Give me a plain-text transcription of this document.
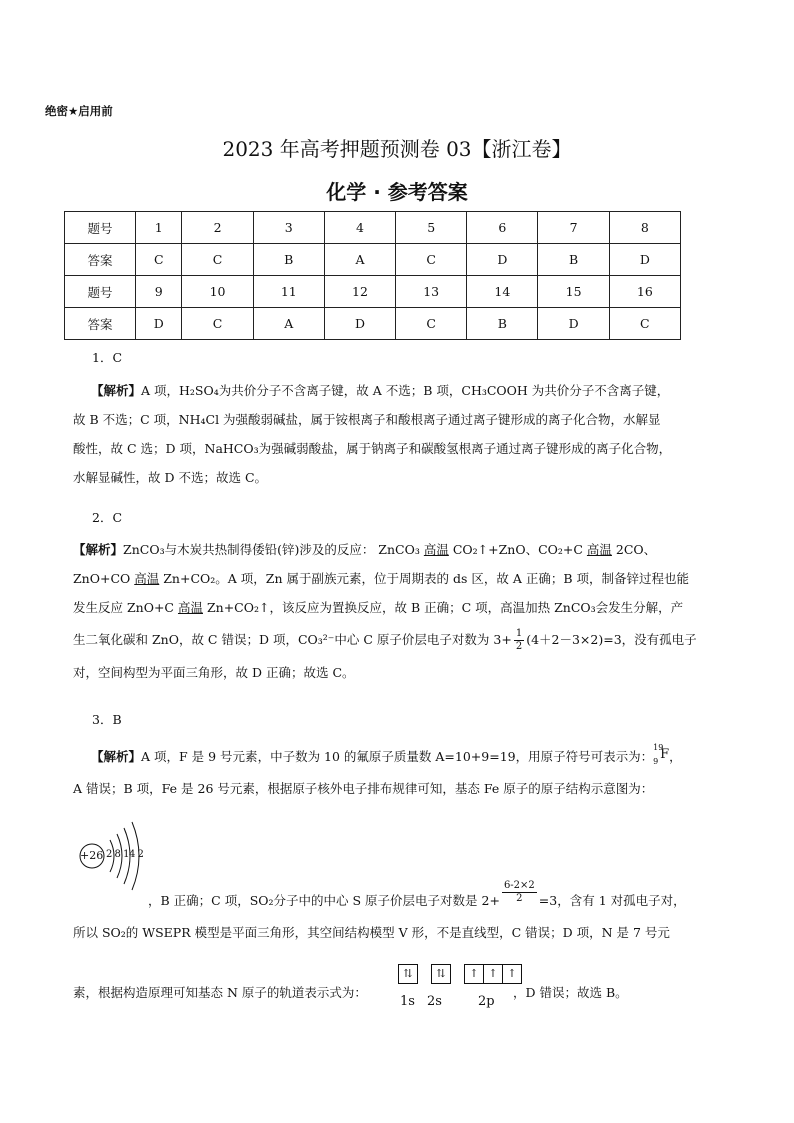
绝密★启用前
2023 年高考押题预测卷 03【浙江卷】
化学 · 参考答案
题号	1	2	3	4	5	6	7	8
答案	C	C	B	A	C	D	B	D
题号	9	10	11	12	13	14	15	16
答案	D	C	A	D	C	B	D	C
1．C
【解析】A 项，H₂SO₄为共价分子不含离子键，故 A 不选；B 项，CH₃COOH 为共价分子不含离子键，
故 B 不选；C 项，NH₄Cl 为强酸弱碱盐，属于铵根离子和酸根离子通过离子键形成的离子化合物，水解显
酸性，故 C 选；D 项，NaHCO₃为强碱弱酸盐，属于钠离子和碳酸氢根离子通过离子键形成的离子化合物，
水解显碱性，故 D 不选；故选 C。
2．C
【解析】ZnCO₃与木炭共热制得倭铅(锌)涉及的反应： ZnCO₃ 高温 CO₂↑+ZnO、CO₂+C 高温 2CO、
ZnO+CO 高温 Zn+CO₂。A 项，Zn 属于副族元素，位于周期表的 ds 区，故 A 正确；B 项，制备锌过程也能
发生反应 ZnO+C 高温 Zn+CO₂↑，该反应为置换反应，故 B 正确；C 项，高温加热 ZnCO₃会发生分解，产
生二氧化碳和 ZnO，故 C 错误；D 项，CO₃²⁻中心 C 原子价层电子对数为 $3+ \frac{1}{2} (4+2-3\times 2)=3$，没有孤电子
对，空间构型为平面三角形，故 D 正确；故选 C。
3．B
【解析】A 项，F 是 9 号元素，中子数为 10 的氟原子质量数 A=10+9=19，用原子符号可表示为：
19
9 F ，
A 错误；B 项，Fe 是 26 号元素，根据原子核外电子排布规律可知，基态 Fe 原子的原子结构示意图为：
+26 2 8 14 2
，B 正确；C 项，SO₂分子中的中心 S 原子价层电子对数是 $2+ \frac{6-2\times 2}{2} =3$，含有 1 对孤电子对，
所以 SO₂的 WSEPR 模型是平面三角形，其空间结构模型 V 形，不是直线型，C 错误；D 项，N 是 7 号元
素，根据构造原理可知基态 N 原子的轨道表示式为：
⇅ ⇅ ↑ ↑ ↑
1s 2s	2p
，D 错误；故选 B。
